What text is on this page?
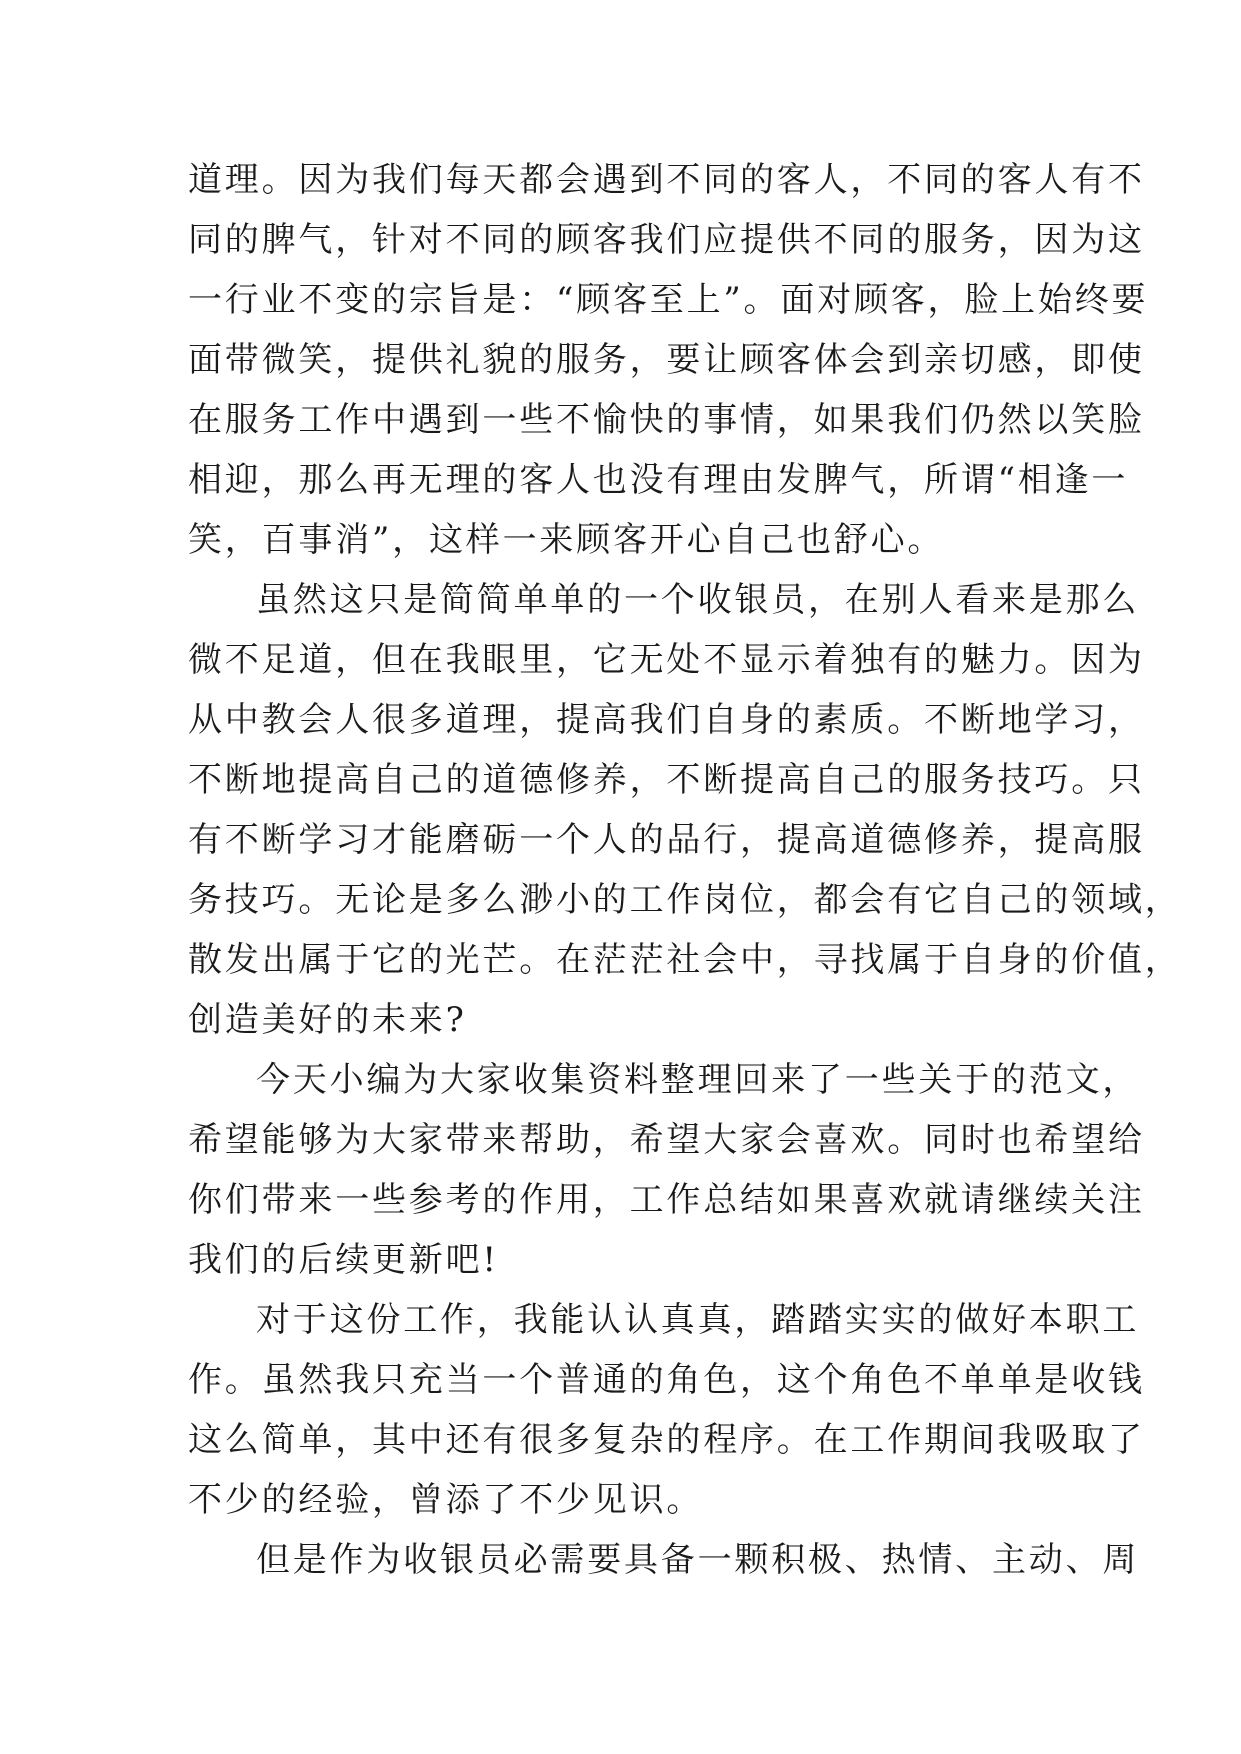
道理。因为我们每天都会遇到不同的客人，不同的客人有不
同的脾气，针对不同的顾客我们应提供不同的服务，因为这
一行业不变的宗旨是：“顾客至上”。面对顾客，脸上始终要
面带微笑，提供礼貌的服务，要让顾客体会到亲切感，即使
在服务工作中遇到一些不愉快的事情，如果我们仍然以笑脸
相迎，那么再无理的客人也没有理由发脾气，所谓“相逢一
笑，百事消”，这样一来顾客开心自己也舒心。
虽然这只是简简单单的一个收银员，在别人看来是那么
微不足道，但在我眼里，它无处不显示着独有的魅力。因为
从中教会人很多道理，提高我们自身的素质。不断地学习，
不断地提高自己的道德修养，不断提高自己的服务技巧。只
有不断学习才能磨砺一个人的品行，提高道德修养，提高服
务技巧。无论是多么渺小的工作岗位，都会有它自己的领域，
散发出属于它的光芒。在茫茫社会中，寻找属于自身的价值，
创造美好的未来?
今天小编为大家收集资料整理回来了一些关于的范文，
希望能够为大家带来帮助，希望大家会喜欢。同时也希望给
你们带来一些参考的作用，工作总结如果喜欢就请继续关注
我们的后续更新吧!
对于这份工作，我能认认真真，踏踏实实的做好本职工
作。虽然我只充当一个普通的角色，这个角色不单单是收钱
这么简单，其中还有很多复杂的程序。在工作期间我吸取了
不少的经验，曾添了不少见识。
但是作为收银员必需要具备一颗积极、热情、主动、周
